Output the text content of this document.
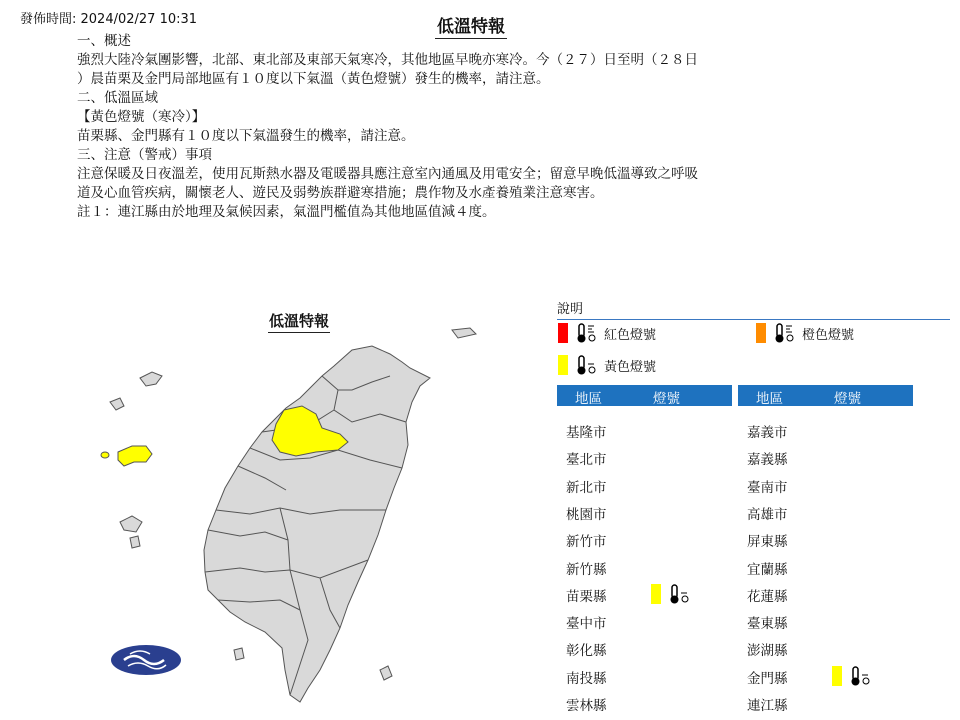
發佈時間: 2024/02/27 10:31	低溫特報
一、概述
強烈大陸冷氣團影響，北部、東北部及東部天氣寒冷，其他地區早晚亦寒冷。今（２７）日至明（２８日
）晨苗栗及金門局部地區有１０度以下氣溫（黃色燈號）發生的機率，請注意。
二、低溫區域
【黃色燈號（寒冷）】
苗栗縣、金門縣有１０度以下氣溫發生的機率，請注意。
三、注意（警戒）事項
注意保暖及日夜溫差，使用瓦斯熱水器及電暖器具應注意室內通風及用電安全；留意早晚低溫導致之呼吸
道及心血管疾病，關懷老人、遊民及弱勢族群避寒措施；農作物及水產養殖業注意寒害。
註１：連江縣由於地理及氣候因素，氣溫門檻值為其他地區值減４度。
低溫特報
說明
紅色燈號	橙色燈號
黃色燈號
地區	燈號
基隆市
臺北市
新北市
桃園市
新竹市
新竹縣
苗栗縣
臺中市
彰化縣
南投縣
雲林縣
地區	燈號
嘉義市
嘉義縣
臺南市
高雄市
屏東縣
宜蘭縣
花蓮縣
臺東縣
澎湖縣
金門縣
連江縣
